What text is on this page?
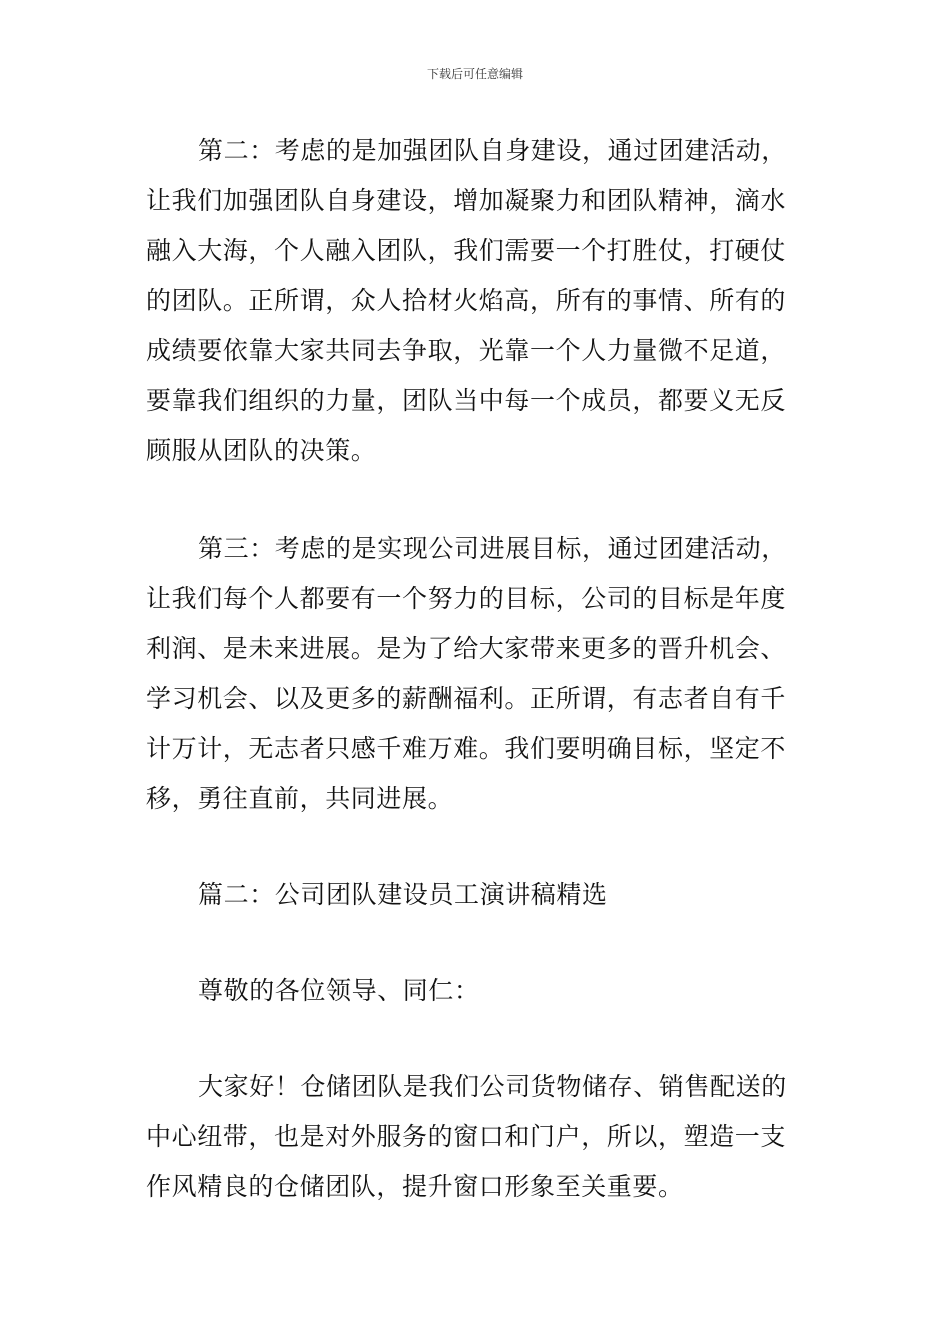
下载后可任意编辑
第二：考虑的是加强团队自身建设，通过团建活动，
让我们加强团队自身建设，增加凝聚力和团队精神，滴水
融入大海，个人融入团队，我们需要一个打胜仗，打硬仗
的团队。正所谓，众人拾材火焰高，所有的事情、所有的
成绩要依靠大家共同去争取，光靠一个人力量微不足道，
要靠我们组织的力量，团队当中每一个成员，都要义无反
顾服从团队的决策。
第三：考虑的是实现公司进展目标，通过团建活动，
让我们每个人都要有一个努力的目标，公司的目标是年度
利润、是未来进展。是为了给大家带来更多的晋升机会、
学习机会、以及更多的薪酬福利。正所谓，有志者自有千
计万计，无志者只感千难万难。我们要明确目标，坚定不
移，勇往直前，共同进展。
篇二：公司团队建设员工演讲稿精选
尊敬的各位领导、同仁：
大家好！仓储团队是我们公司货物储存、销售配送的
中心纽带，也是对外服务的窗口和门户，所以，塑造一支
作风精良的仓储团队，提升窗口形象至关重要。
